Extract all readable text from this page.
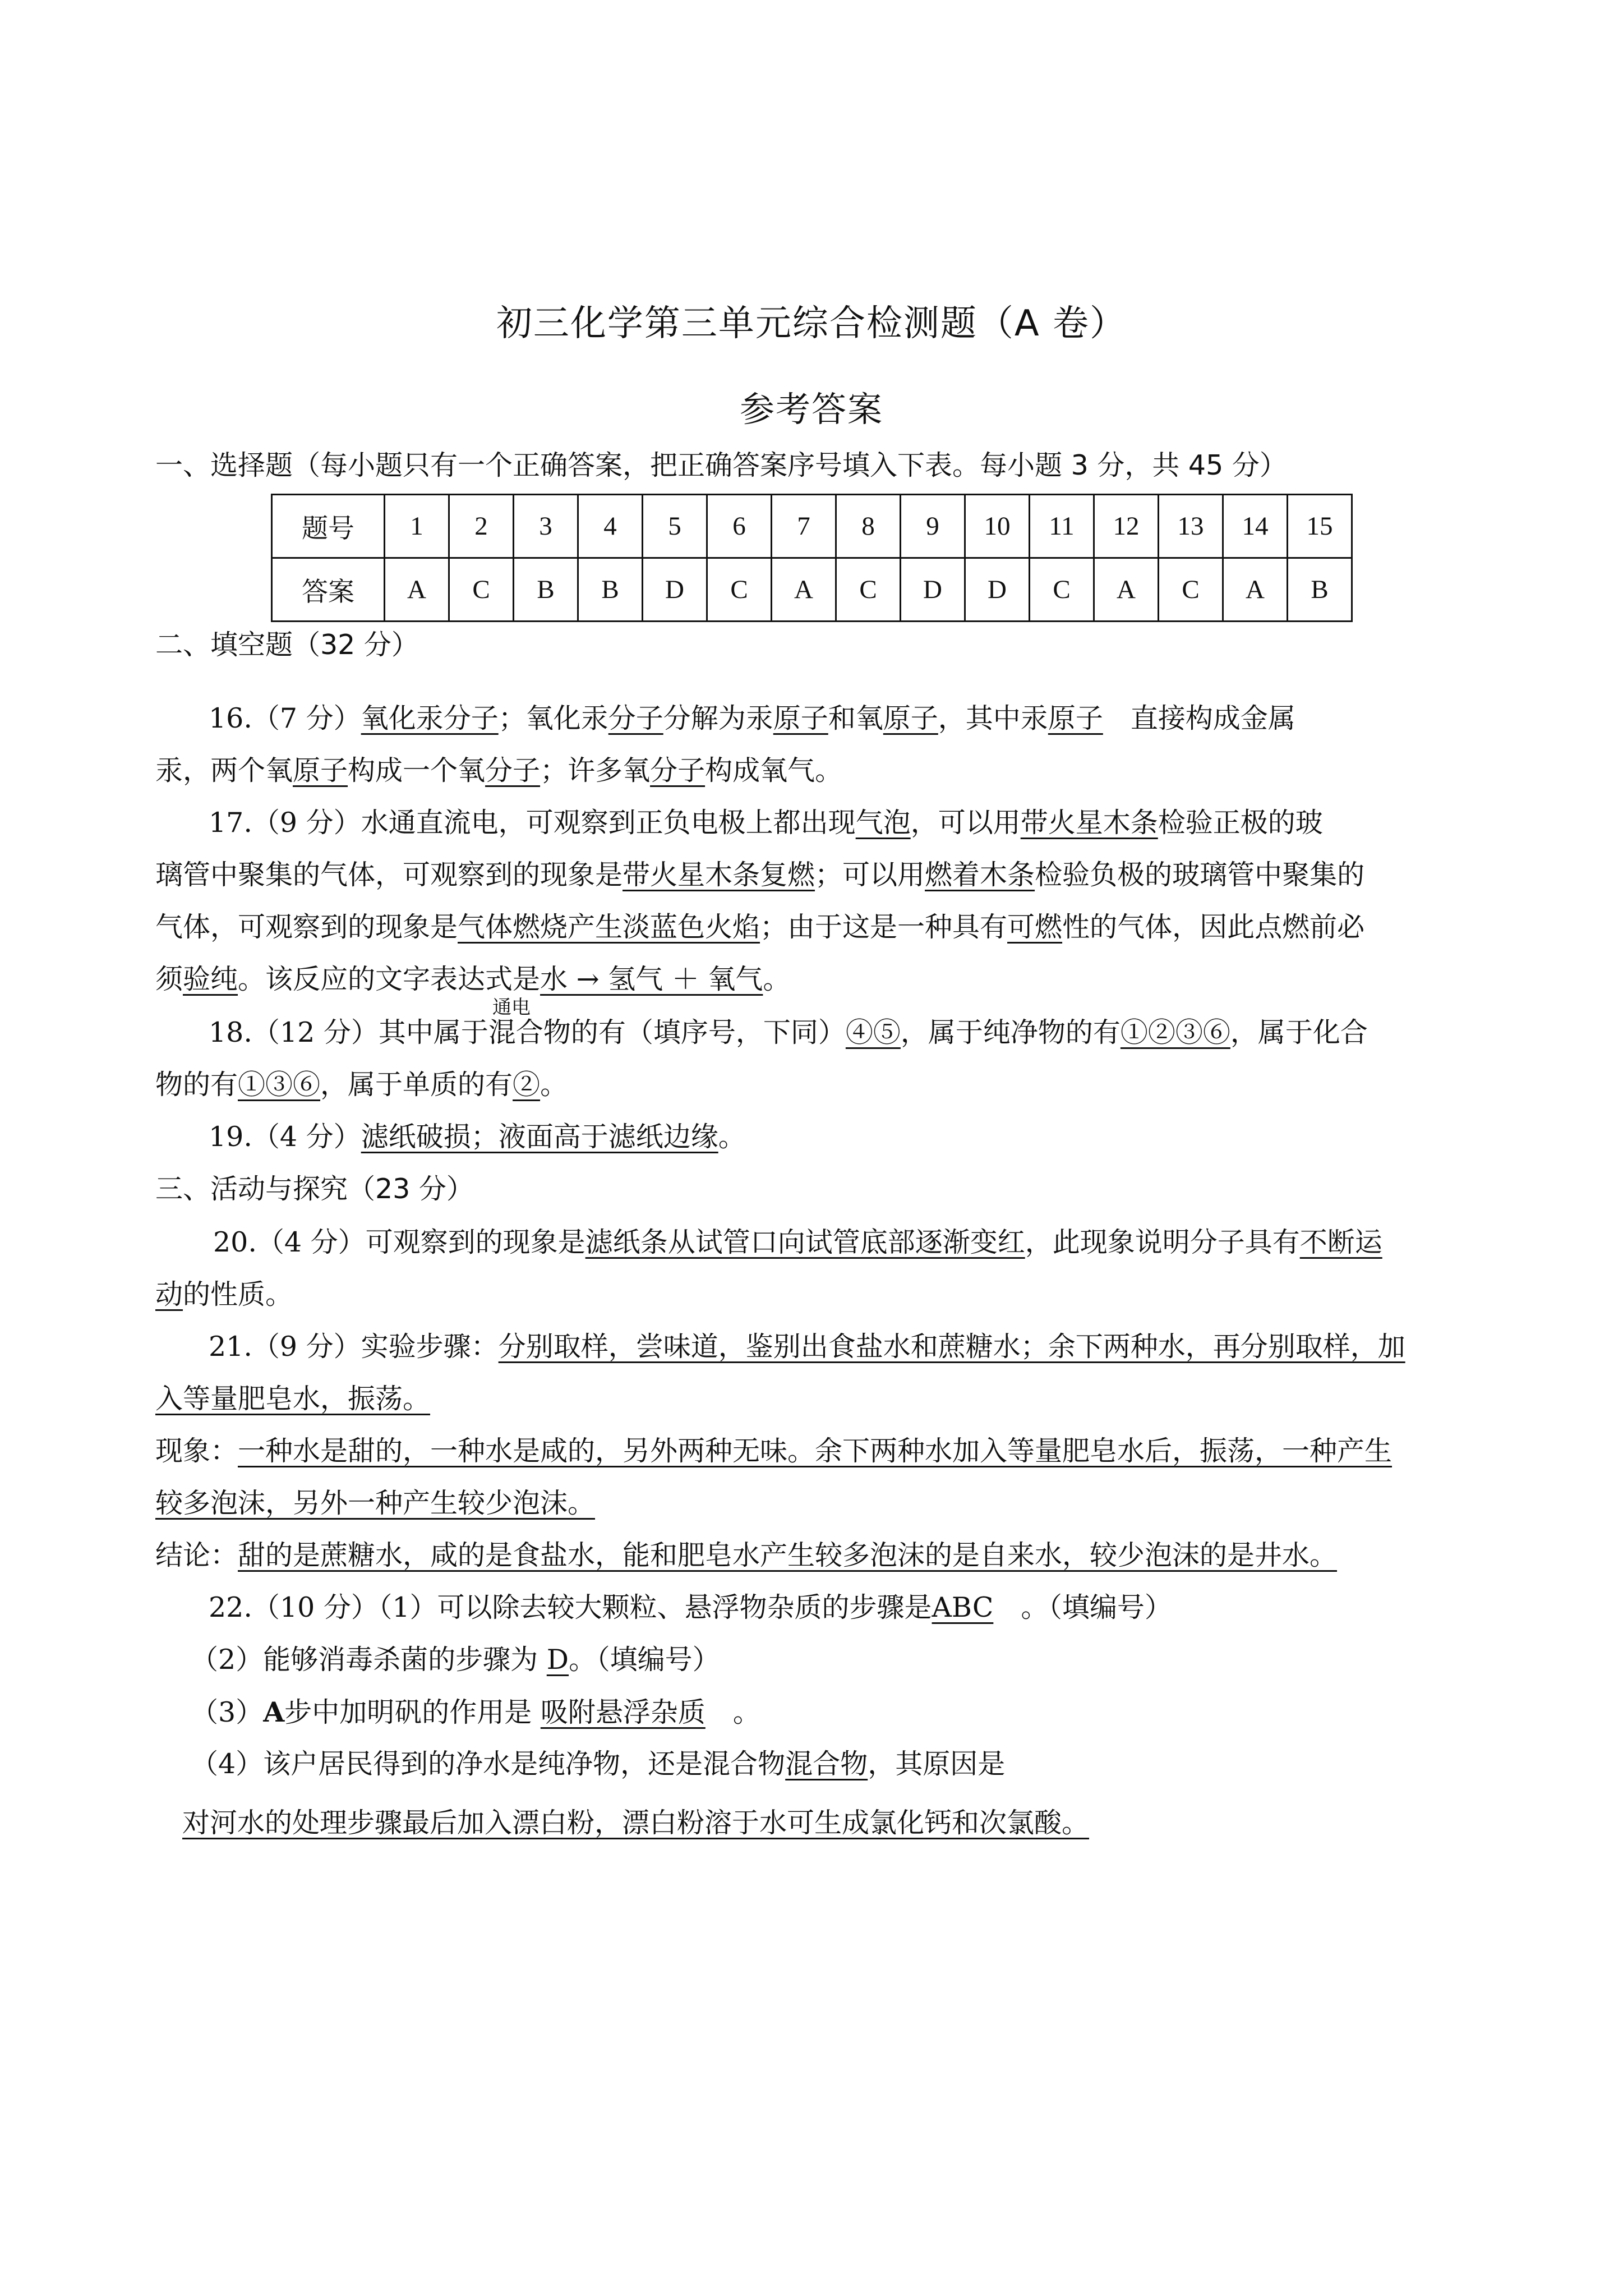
初三化学第三单元综合检测题（A 卷）
参考答案
一、选择题（每小题只有一个正确答案，把正确答案序号填入下表。每小题 3 分，共 45 分）
题号	1	2	3	4	5	6	7	8	9	10	11	12	13	14	15
答案	A	C	B	B	D	C	A	C	D	D	C	A	C	A	B
二、填空题（32 分）
16.（7 分）氧化汞分子；氧化汞分子分解为汞原子和氧原子，其中汞原子　 直接构成金属
汞，两个氧原子构成一个氧分子；许多氧分子构成氧气。
17.（9 分）水通直流电，可观察到正负电极上都出现气泡，可以用带火星木条检验正极的玻
璃管中聚集的气体，可观察到的现象是带火星木条复燃；可以用燃着木条检验负极的玻璃管中聚集的
气体，可观察到的现象是气体燃烧产生淡蓝色火焰；由于这是一种具有可燃性的气体，因此点燃前必
须验纯。该反应的文字表达式是水 → 氢气 ＋ 氧气。
通电
18.（12 分）其中属于混合物的有（填序号，下同）④⑤，属于纯净物的有①②③⑥，属于化合
物的有①③⑥，属于单质的有②。
19.（4 分）滤纸破损；液面高于滤纸边缘。
三、活动与探究（23 分）
20.（4 分）可观察到的现象是滤纸条从试管口向试管底部逐渐变红，此现象说明分子具有不断运
动的性质。
21.（9 分）实验步骤：分别取样，尝味道，鉴别出食盐水和蔗糖水；余下两种水，再分别取样，加
入等量肥皂水，振荡。
现象：一种水是甜的，一种水是咸的，另外两种无味。余下两种水加入等量肥皂水后，振荡，一种产生
较多泡沫，另外一种产生较少泡沫。
结论：甜的是蔗糖水，咸的是食盐水，能和肥皂水产生较多泡沫的是自来水，较少泡沫的是井水。
22.（10 分）（1）可以除去较大颗粒、悬浮物杂质的步骤是ABC　 。（填编号）
（2）能够消毒杀菌的步骤为 D。（填编号）
（3）A步中加明矾的作用是 吸附悬浮杂质　 。
（4）该户居民得到的净水是纯净物，还是混合物混合物，其原因是
对河水的处理步骤最后加入漂白粉，漂白粉溶于水可生成氯化钙和次氯酸。
